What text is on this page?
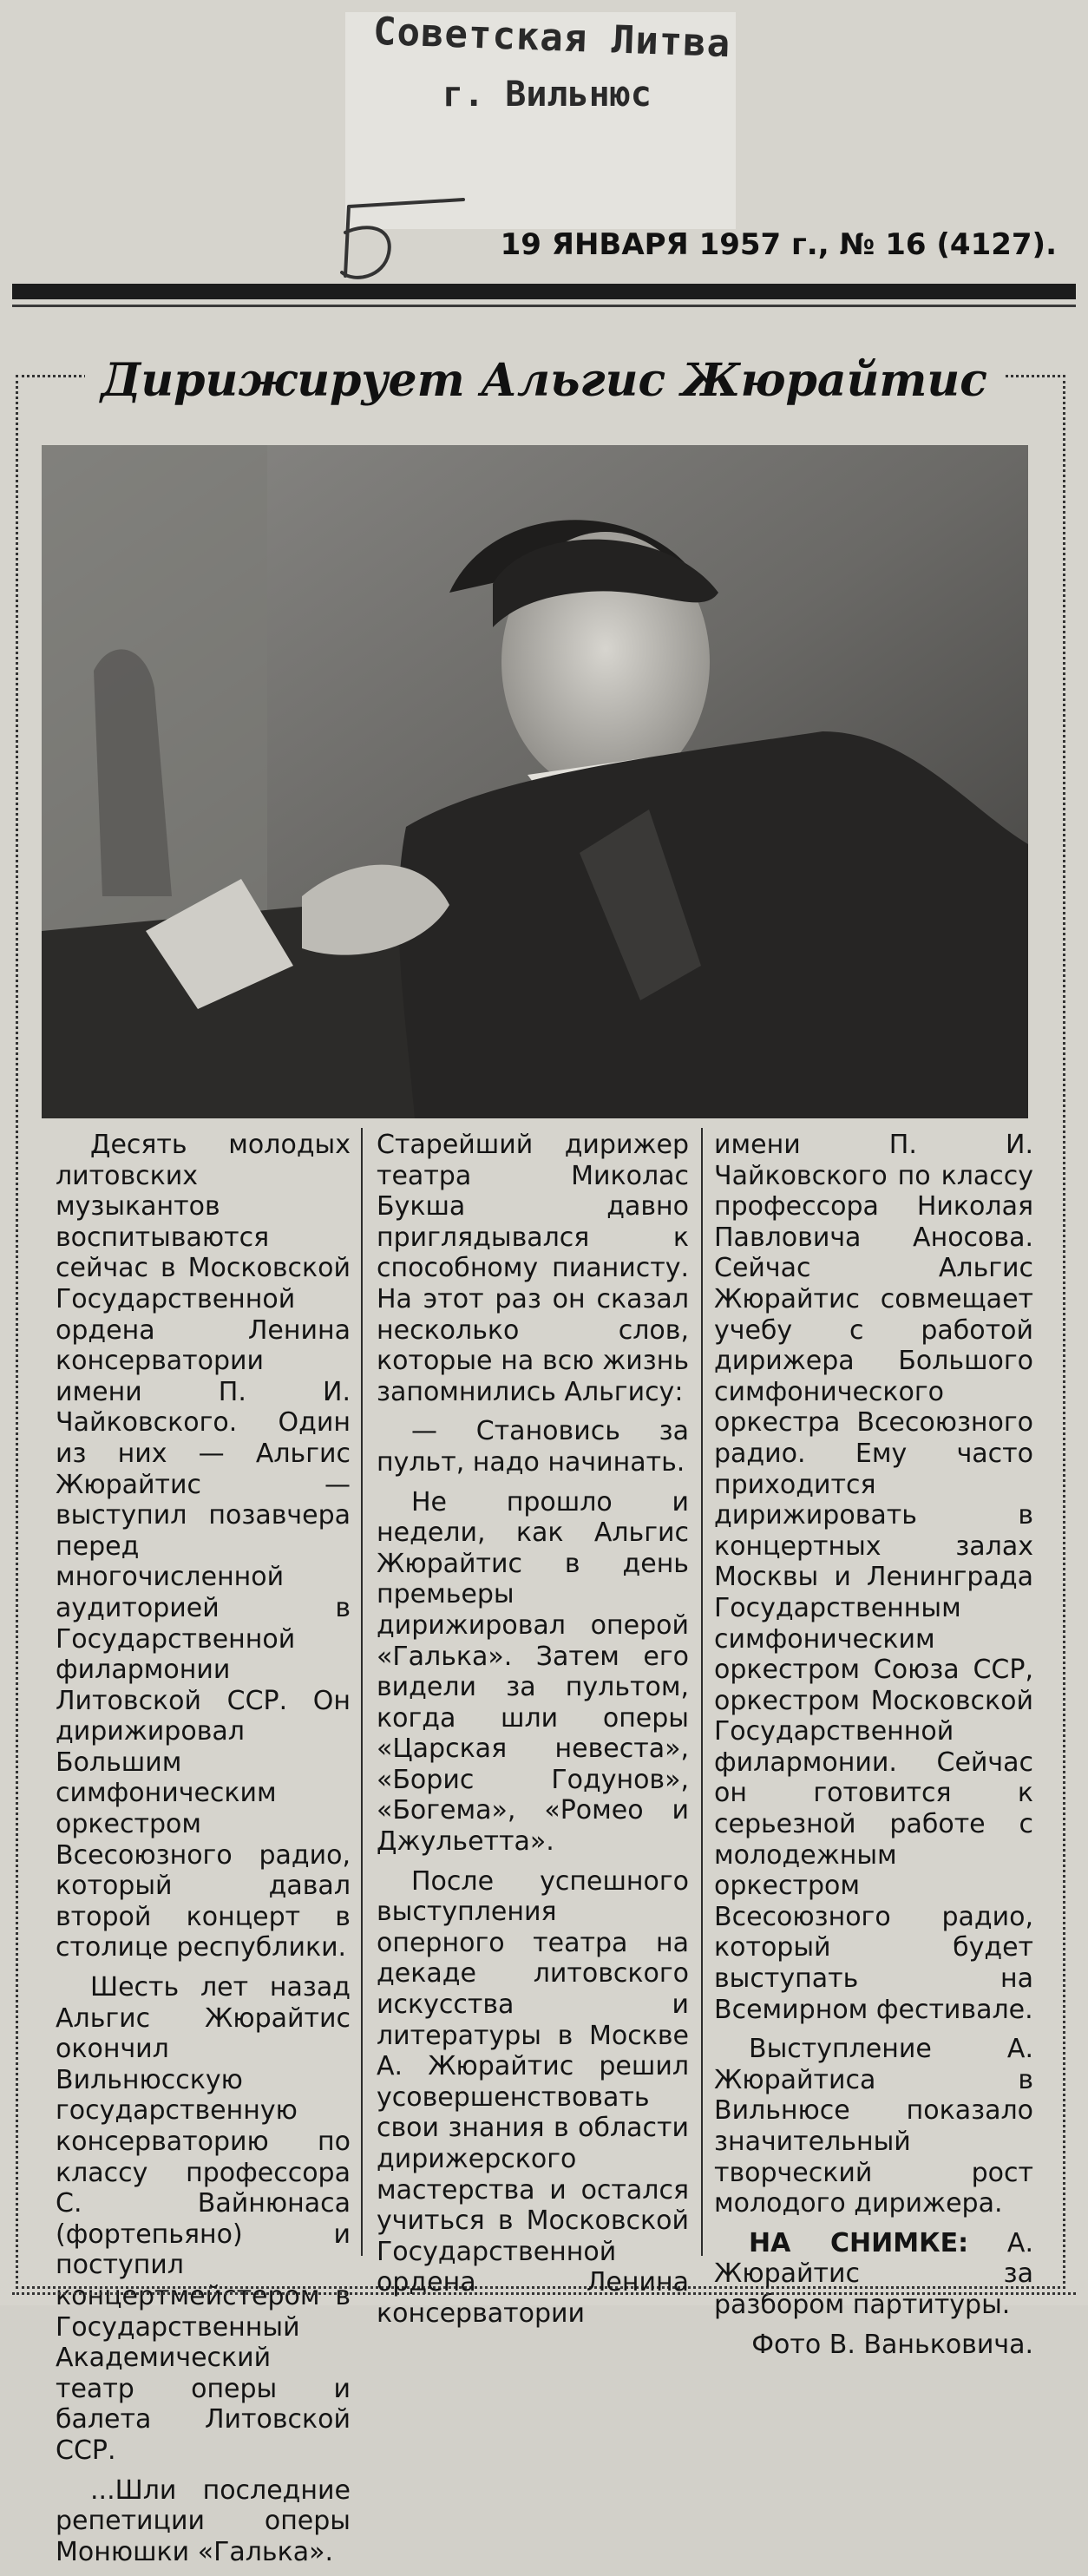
Советская Литва
г. Вильнюс
19 ЯНВАРЯ 1957 г., № 16 (4127).
Дирижирует Альгис Жюрайтис

Десять молодых литовских музыкантов воспитываются сейчас в Московской Государственной ордена Ленина консерватории имени П. И. Чайковского. Один из них — Альгис Жюрайтис — выступил позавчера перед многочисленной аудиторией в Государственной филармонии Литовской ССР. Он дирижировал Большим симфоническим оркестром Всесоюзного радио, который давал второй концерт в столице республики.

Шесть лет назад Альгис Жюрайтис окончил Вильнюсскую государственную консерваторию по классу профессора С. Вайнюнаса (фортепьяно) и поступил концертмейстером в Государственный Академический театр оперы и балета Литовской ССР.

...Шли последние репетиции оперы Монюшки «Галька».

Старейший дирижер театра Миколас Букша давно приглядывался к способному пианисту. На этот раз он сказал несколько слов, которые на всю жизнь запомнились Альгису:

— Становись за пульт, надо начинать.

Не прошло и недели, как Альгис Жюрайтис в день премьеры дирижировал оперой «Галька». Затем его видели за пультом, когда шли оперы «Царская невеста», «Борис Годунов», «Богема», «Ромео и Джульетта».

После успешного выступления оперного театра на декаде литовского искусства и литературы в Москве А. Жюрайтис решил усовершенствовать свои знания в области дирижерского мастерства и остался учиться в Московской Государственной ордена Ленина консерватории

имени П. И. Чайковского по классу профессора Николая Павловича Аносова. Сейчас Альгис Жюрайтис совмещает учебу с работой дирижера Большого симфонического оркестра Всесоюзного радио. Ему часто приходится дирижировать в концертных залах Москвы и Ленинграда Государственным симфоническим оркестром Союза ССР, оркестром Московской Государственной филармонии. Сейчас он готовится к серьезной работе с молодежным оркестром Всесоюзного радио, который будет выступать на Всемирном фестивале.

Выступление А. Жюрайтиса в Вильнюсе показало значительный творческий рост молодого дирижера.

НА СНИМКЕ: А. Жюрайтис за разбором партитуры.

Фото В. Ваньковича.
